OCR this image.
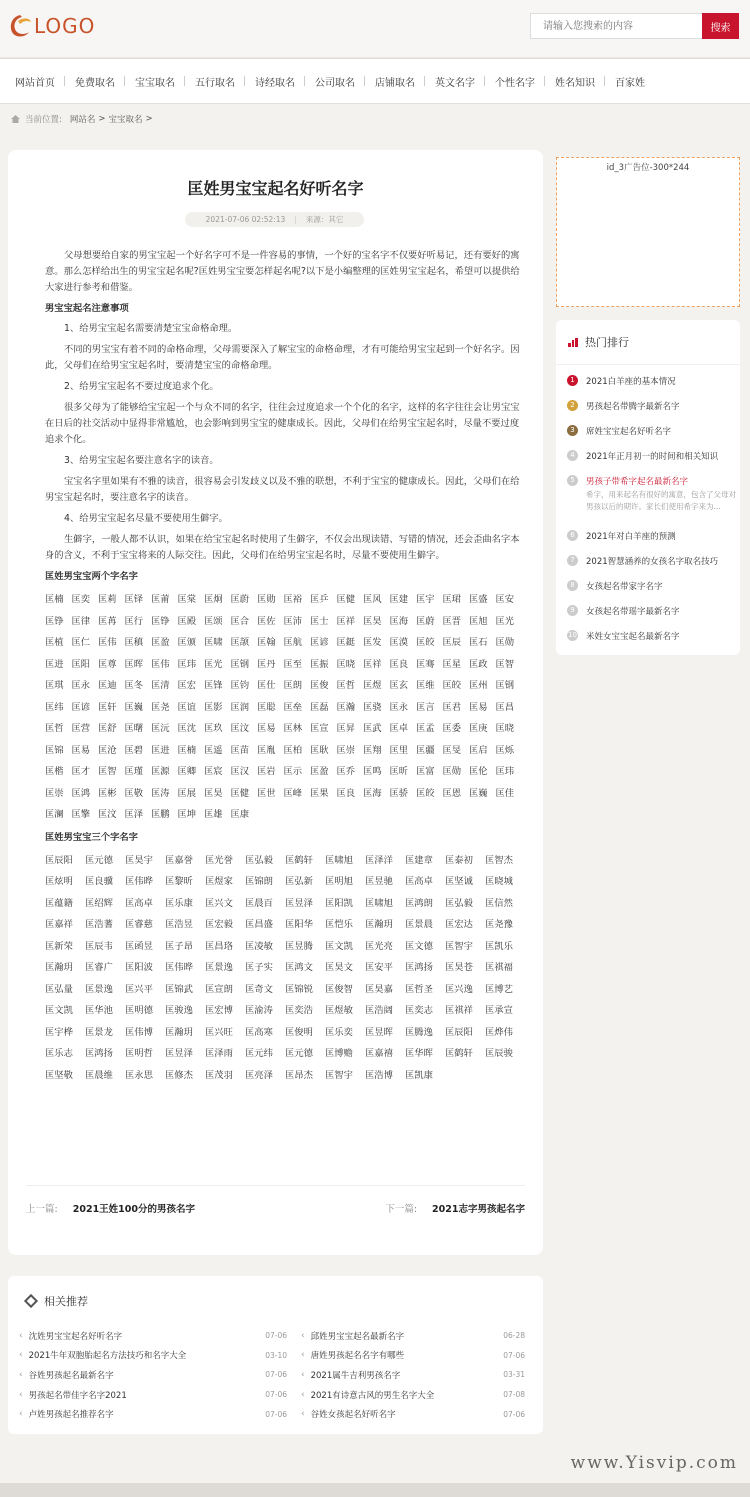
LOGO
请输入您搜索的内容	搜索
网站首页	免费取名	宝宝取名	五行取名	诗经取名	公司取名	店铺取名	英文名字	个性名字	姓名知识	百家姓
当前位置: 网站名 > 宝宝取名 >
匡姓男宝宝起名好听名字
2021-07-06 02:52:13 | 来源：其它

父母想要给自家的男宝宝起一个好名字可不是一件容易的事情，一个好的宝名字不仅要好听易记，还有要好的寓意。那么怎样给出生的男宝宝起名呢?匡姓男宝宝要怎样起名呢?以下是小编整理的匡姓男宝宝起名，希望可以提供给大家进行参考和借鉴。

男宝宝起名注意事项

1、给男宝宝起名需要清楚宝宝命格命理。

不同的男宝宝有着不同的命格命理，父母需要深入了解宝宝的命格命理，才有可能给男宝宝起到一个好名字。因此，父母们在给男宝宝起名时，要清楚宝宝的命格命理。

2、给男宝宝起名不要过度追求个化。

很多父母为了能够给宝宝起一个与众不同的名字，往往会过度追求一个个化的名字，这样的名字往往会让男宝宝在日后的社交活动中显得非常尴尬，也会影响到男宝宝的健康成长。因此，父母们在给男宝宝起名时，尽量不要过度追求个化。

3、给男宝宝起名要注意名字的读音。

宝宝名字里如果有不雅的读音，很容易会引发歧义以及不雅的联想，不利于宝宝的健康成长。因此，父母们在给男宝宝起名时，要注意名字的读音。

4、给男宝宝起名尽量不要使用生僻字。

生僻字，一般人都不认识，如果在给宝宝起名时使用了生僻字，不仅会出现读错、写错的情况，还会歪曲名字本身的含义，不利于宝宝将来的人际交往。因此，父母们在给男宝宝起名时，尽量不要使用生僻字。

匡姓男宝宝两个字名字
匡楠 匡奕 匡莉 匡铎 匡莆 匡棠 匡炯 匡蔚 匡勋 匡裕 匡乒 匡健 匡风 匡建 匡宇 匡珺 匡盛 匡安
匡铮 匡律 匡苒 匡行 匡铮 匡殿 匡颂 匡合 匡佐 匡沛 匡士 匡祥 匡昊 匡海 匡蔚 匡晋 匡旭 匡光
匡植 匡仁 匡伟 匡稹 匡盈 匡颁 匡啸 匡颉 匡翰 匡航 匡谚 匡鋌 匡发 匡漠 匡皎 匡辰 匡石 匡勋
匡进 匡阳 匡尊 匡晖 匡伟 匡玮 匡光 匡钢 匡丹 匡至 匡振 匡晓 匡祥 匡良 匡骞 匡星 匡政 匡智
匡琪 匡永 匡迪 匡冬 匡清 匡宏 匡锋 匡钧 匡仕 匡朗 匡俊 匡哲 匡煜 匡玄 匡维 匡皎 匡州 匡钢
匡纬 匡谚 匡轩 匡巍 匡尧 匡谊 匡影 匡润 匡聪 匡垒 匡磊 匡瀚 匡骁 匡永 匡言 匡君 匡易 匡昌
匡哲 匡营 匡舒 匡曙 匡沅 匡沈 匡玖 匡汶 匡易 匡林 匡宣 匡昇 匡武 匡卓 匡孟 匡委 匡庚 匡晓
匡锦 匡易 匡沧 匡碧 匡进 匡楠 匡遥 匡苗 匡胤 匡柏 匡耿 匡崇 匡翔 匡里 匡疆 匡旻 匡启 匡烁
匡楷 匡才 匡智 匡瑾 匡源 匡卿 匡宸 匡汉 匡岩 匡示 匡盈 匡乔 匡鸣 匡昕 匡富 匡勋 匡伦 匡玮
匡崇 匡鸿 匡彬 匡敬 匡涛 匡展 匡昊 匡健 匡世 匡峰 匡果 匡良 匡海 匡骄 匡皎 匡恩 匡巍 匡佳
匡澜 匡擎 匡汶 匡泽 匡鹏 匡坤 匡雄 匡康
匡姓男宝宝三个字名字
匡辰阳	匡元德	匡昊宇	匡嘉誉	匡光誉	匡弘毅	匡鹤轩	匡啸旭	匡泽洋	匡建章	匡泰初	匡智杰
匡炫明	匡良骥	匡伟晔	匡黎昕	匡煜家	匡锦朗	匡弘新	匡明旭	匡昱驰	匡高卓	匡坚诚	匡晓城
匡蕴籍	匡绍辉	匡高卓	匡乐康	匡兴文	匡晨百	匡昱泽	匡阳凯	匡啸旭	匡鸿朗	匡弘毅	匡信然
匡嘉祥	匡浩蓍	匡睿慈	匡浩昱	匡宏毅	匡昌盛	匡阳华	匡恺乐	匡瀚玥	匡景晨	匡宏达	匡尧豫
匡新荣	匡辰韦	匡函昱	匡子昂	匡昌珞	匡凌敏	匡昱腾	匡文凯	匡光亮	匡文德	匡智宇	匡凯乐
匡瀚玥	匡睿广	匡阳波	匡伟晔	匡景逸	匡子实	匡鸿文	匡昊文	匡安平	匡鸿扬	匡昊苍	匡祺福
匡弘量	匡景逸	匡兴平	匡锦武	匡宣朗	匡奇文	匡锦锐	匡俊智	匡昊嘉	匡哲圣	匡兴逸	匡博艺
匡文凯	匡华池	匡明德	匡骏逸	匡宏博	匡渝涛	匡奕浩	匡煜敏	匡浩阔	匡奕志	匡祺祥	匡承宣
匡宇桦	匡景龙	匡伟博	匡瀚玥	匡兴旺	匡高寒	匡俊明	匡乐奕	匡昱晖	匡腾逸	匡辰阳	匡烨伟
匡乐志	匡鸿扬	匡明哲	匡昱泽	匡泽雨	匡元纬	匡元德	匡博赡	匡嘉禧	匡华晖	匡鹤轩	匡辰骏
匡坚敬	匡晨维	匡永思	匡修杰	匡茂羽	匡亮泽	匡昂杰	匡智宇	匡浩博	匡凯康
上一篇: 2021王姓100分的男孩名字	下一篇: 2021志字男孩起名字
id_3广告位-300*244
热门排行
1	2021白羊座的基本情况
2	男孩起名带腾字最新名字
3	席姓宝宝起名好听名字
4	2021年正月初一的时间和相关知识
5	男孩子带希字起名最新名字
希字，用来起名有很好的寓意，包含了父母对男孩以后的期许。家长们使用希字来为...
6	2021年对白羊座的预测
7	2021智慧涵养的女孩名字取名技巧
8	女孩起名带家字名字
9	女孩起名带瑶字最新名字
10 米姓女宝宝起名最新名字
相关推荐
‹ 沈姓男宝宝起名好听名字	07-06
‹ 2021牛年双胞胎起名方法技巧和名字大全	03-10
‹ 谷姓男孩起名最新名字	07-06
‹ 男孩起名带佳字名字2021	07-06
‹ 卢姓男孩起名推荐名字	07-06
‹ 邱姓男宝宝起名最新名字	06-28
‹ 唐姓男孩起名名字有哪些	07-06
‹ 2021属牛吉利男孩名字	03-31
‹ 2021有诗意古风的男生名字大全	07-08
‹ 谷姓女孩起名好听名字	07-06
www.Yisvip.com
